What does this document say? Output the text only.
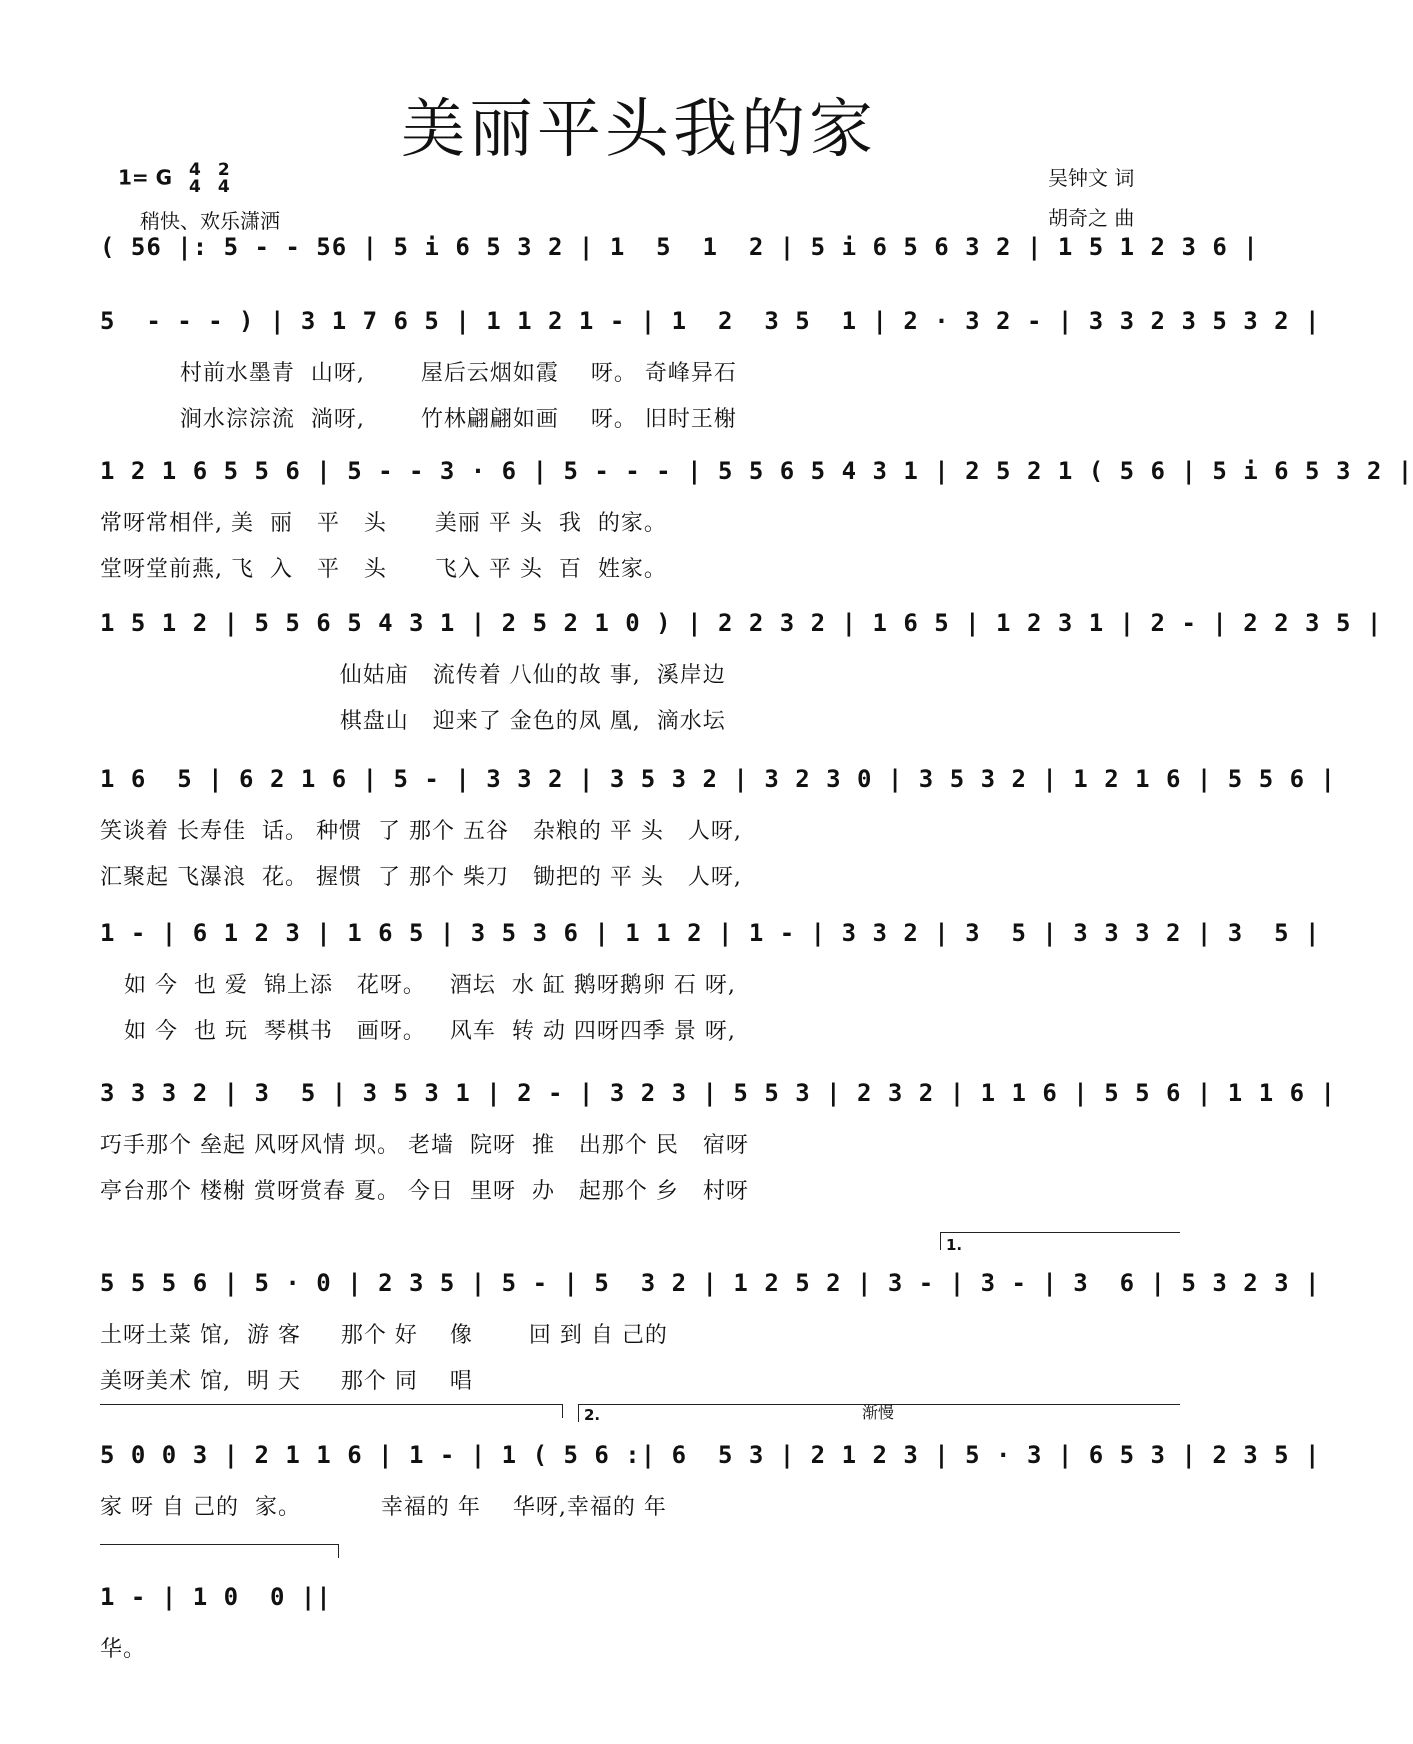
美丽平头我的家
1= G 4
4 2
4
稍快、欢乐潇洒
吴钟文 词
胡奇之 曲
( 56 |: 5 - - 56 | 5 i 6 5 3 2 | 1  5  1  2 | 5 i 6 5 6 3 2 | 1 5 1 2 3 6 |
5  - - - ) | 3 1 7 6 5 | 1 1 2 1 - | 1  2  3 5  1 | 2 · 3 2 - | 3 3 2 3 5 3 2 |
村前水墨青  山呀,       屋后云烟如霞    呀。 奇峰异石
涧水淙淙流  淌呀,       竹林翩翩如画    呀。 旧时王榭
1 2 1 6 5 5 6 | 5 - - 3 · 6 | 5 - - - | 5 5 6 5 4 3 1 | 2 5 2 1 ( 5 6 | 5 i 6 5 3 2 |
常呀常相伴, 美  丽   平   头      美丽 平 头  我  的家。
堂呀堂前燕, 飞  入   平   头      飞入 平 头  百  姓家。
1 5 1 2 | 5 5 6 5 4 3 1 | 2 5 2 1 0 ) | 2 2 3 2 | 1 6 5 | 1 2 3 1 | 2 - | 2 2 3 5 |
仙姑庙   流传着 八仙的故 事,  溪岸边
棋盘山   迎来了 金色的凤 凰,  滴水坛
1 6  5 | 6 2 1 6 | 5 - | 3 3 2 | 3 5 3 2 | 3 2 3 0 | 3 5 3 2 | 1 2 1 6 | 5 5 6 |
笑谈着 长寿佳  话。 种惯  了 那个 五谷   杂粮的 平 头   人呀,
汇聚起 飞瀑浪  花。 握惯  了 那个 柴刀   锄把的 平 头   人呀,
1 - | 6 1 2 3 | 1 6 5 | 3 5 3 6 | 1 1 2 | 1 - | 3 3 2 | 3  5 | 3 3 3 2 | 3  5 |
如 今  也 爱  锦上添   花呀。   酒坛  水 缸 鹅呀鹅卵 石 呀,
如 今  也 玩  琴棋书   画呀。   风车  转 动 四呀四季 景 呀,
3 3 3 2 | 3  5 | 3 5 3 1 | 2 - | 3 2 3 | 5 5 3 | 2 3 2 | 1 1 6 | 5 5 6 | 1 1 6 |
巧手那个 垒起 风呀风情 坝。 老墙  院呀  推   出那个 民   宿呀
亭台那个 楼榭 赏呀赏春 夏。 今日  里呀  办   起那个 乡   村呀
5 5 5 6 | 5 · 0 | 2 3 5 | 5 - | 5  3 2 | 1 2 5 2 | 3 - | 3 - | 3  6 | 5 3 2 3 |
土呀土菜 馆,  游 客     那个 好    像       回 到 自 己的
美呀美术 馆,  明 天     那个 同    唱
5 0 0 3 | 2 1 1 6 | 1 - | 1 ( 5 6 :| 6  5 3 | 2 1 2 3 | 5 · 3 | 6 5 3 | 2 3 5 |
家 呀 自 己的  家。          幸福的 年    华呀,幸福的 年
1 - | 1 0  0 ||
华。
1.
2.	渐慢
